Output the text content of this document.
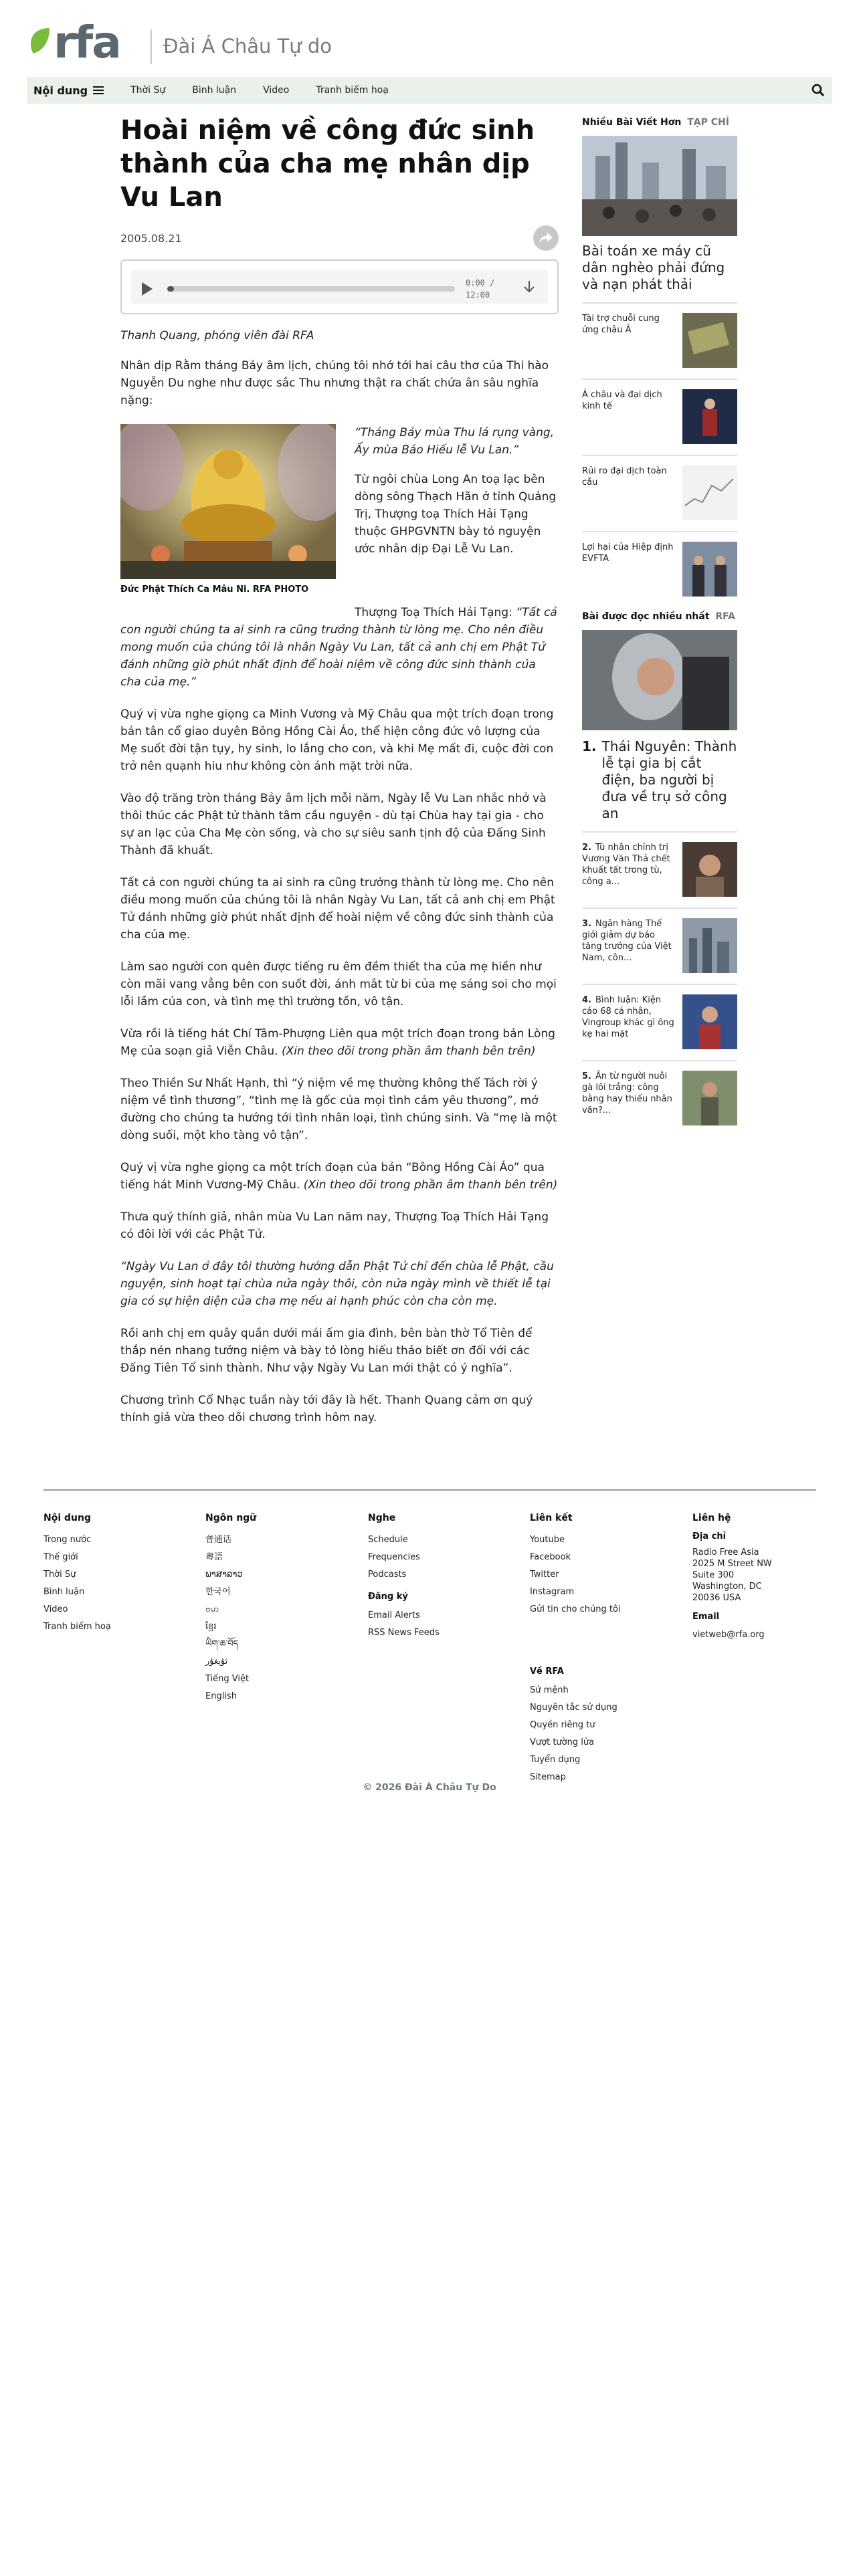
rfa Đài Á Châu Tự do
Nội dung	Thời Sự	Bình luận	Video	Tranh biếm hoạ
Hoài niệm về công đức sinh thành của cha mẹ nhân dịp Vu Lan
2005.08.21
0:00 /
12:00
Thanh Quang, phóng viên đài RFA

Nhân dịp Rằm tháng Bảy âm lịch, chúng tôi nhớ tới hai câu thơ của Thi hào Nguyễn Du nghe như được sắc Thu nhưng thật ra chất chứa ân sâu nghĩa nặng:

Đức Phật Thích Ca Mâu Ni. RFA PHOTO

“Tháng Bảy mùa Thu lá rụng vàng, Ấy mùa Báo Hiếu lễ Vu Lan.”

Từ ngôi chùa Long An toạ lạc bên dòng sông Thạch Hãn ở tỉnh Quảng Trị, Thượng toạ Thích Hải Tạng thuộc GHPGVNTN bày tỏ nguyện ước nhân dịp Đại Lễ Vu Lan.

Thượng Toạ Thích Hải Tạng: “Tất cả con người chúng ta ai sinh ra cũng trưởng thành từ lòng mẹ. Cho nên điều mong muốn của chúng tôi là nhân Ngày Vu Lan, tất cả anh chị em Phật Tử đánh những giờ phút nhất định để hoài niệm về công đức sinh thành của cha của mẹ.”

Quý vị vừa nghe giọng ca Minh Vương và Mỹ Châu qua một trích đoạn trong bản tân cổ giao duyên Bông Hồng Cài Áo, thể hiện công đức vô lượng của Mẹ suốt đời tận tụy, hy sinh, lo lắng cho con, và khi Mẹ mất đi, cuộc đời con trở nên quạnh hiu như không còn ánh mặt trời nữa.

Vào độ trăng tròn tháng Bảy âm lịch mỗi năm, Ngày lễ Vu Lan nhắc nhở và thôi thúc các Phật tử thành tâm cầu nguyện - dù tại Chùa hay tại gia - cho sự an lạc của Cha Mẹ còn sống, và cho sự siêu sanh tịnh độ của Đấng Sinh Thành đã khuất.

Tất cả con người chúng ta ai sinh ra cũng trưởng thành từ lòng mẹ. Cho nên điều mong muốn của chúng tôi là nhân Ngày Vu Lan, tất cả anh chị em Phật Tử đánh những giờ phút nhất định để hoài niệm về công đức sinh thành của cha của mẹ.

Làm sao người con quên được tiếng ru êm đềm thiết tha của mẹ hiền như còn mãi vang vẳng bên con suốt đời, ánh mắt từ bi của mẹ sáng soi cho mọi lỗi lầm của con, và tình mẹ thì trường tồn, vô tận.

Vừa rồi là tiếng hát Chí Tâm-Phượng Liên qua một trích đoạn trong bản Lòng Mẹ của soạn giả Viễn Châu. (Xin theo dõi trong phần âm thanh bên trên)

Theo Thiền Sư Nhất Hạnh, thì “ý niệm về mẹ thường không thể Tách rời ý niệm về tình thương”, “tình mẹ là gốc của mọi tình cảm yêu thương”, mở đường cho chúng ta hướng tới tình nhân loại, tình chúng sinh. Và “mẹ là một dòng suối, một kho tàng vô tận”.

Quý vị vừa nghe giọng ca một trích đoạn của bản “Bông Hồng Cài Áo” qua tiếng hát Minh Vương-Mỹ Châu. (Xin theo dõi trong phần âm thanh bên trên)

Thưa quý thính giả, nhân mùa Vu Lan năm nay, Thượng Toạ Thích Hải Tạng có đôi lời với các Phật Tử.

“Ngày Vu Lan ở đây tôi thường hướng dẫn Phật Tử chỉ đến chùa lễ Phật, cầu nguyện, sinh hoạt tại chùa nửa ngày thôi, còn nửa ngày mình về thiết lễ tại gia có sự hiện diện của cha mẹ nếu ai hạnh phúc còn cha còn mẹ.

Rồi anh chị em quây quần dưới mái ấm gia đình, bên bàn thờ Tổ Tiên để thắp nén nhang tưởng niệm và bày tỏ lòng hiếu thảo biết ơn đối với các Đấng Tiên Tổ sinh thành. Như vậy Ngày Vu Lan mới thật có ý nghĩa”.

Chương trình Cổ Nhạc tuần này tới đây là hết. Thanh Quang cảm ơn quý thính giả vừa theo dõi chương trình hôm nay.

Nhiều Bài Viết Hơn TẠP CHÍ
Bài toán xe máy cũ dân nghèo phải đứng và nạn phát thải
Tài trợ chuỗi cung ứng châu Á
Á châu và đại dịch kinh tế
Rủi ro đại dịch toàn cầu
Lợi hại của Hiệp định EVFTA
Bài được đọc nhiều nhất RFA
1. Thái Nguyên: Thành lễ tại gia bị cắt điện, ba người bị đưa về trụ sở công an
2. Tù nhân chính trị Vương Văn Thả chết khuất tất trong tù, công a...
3. Ngân hàng Thế giới giảm dự báo tăng trưởng của Việt Nam, côn...
4. Bình luận: Kiện cáo 68 cá nhân, Vingroup khác gì ông kẹ hai mặt
5. Ăn từ người nuôi gà lôi trắng: công bằng hay thiếu nhân văn?...
Nội dung
Trong nước
Thế giới
Thời Sự
Bình luận
Video
Tranh biếm hoạ
Ngôn ngữ
普通话
粵語
ພາສາລາວ
한국어
ဗမာ
ខ្មែរ
ཡིག་ཆ་བོད
ئۇيغۇر
Tiếng Việt
English
Nghe
Schedule
Frequencies
Podcasts
Đăng ký
Email Alerts
RSS News Feeds
Liên kết
Youtube
Facebook
Twitter
Instagram
Gửi tin cho chúng tôi
Về RFA
Sứ mệnh
Nguyên tắc sử dụng
Quyền riêng tư
Vượt tường lửa
Tuyển dụng
Sitemap
Liên hệ
Địa chỉ
Radio Free Asia
2025 M Street NW
Suite 300
Washington, DC
20036 USA
Email
vietweb@rfa.org
© 2026 Đài Á Châu Tự Do
